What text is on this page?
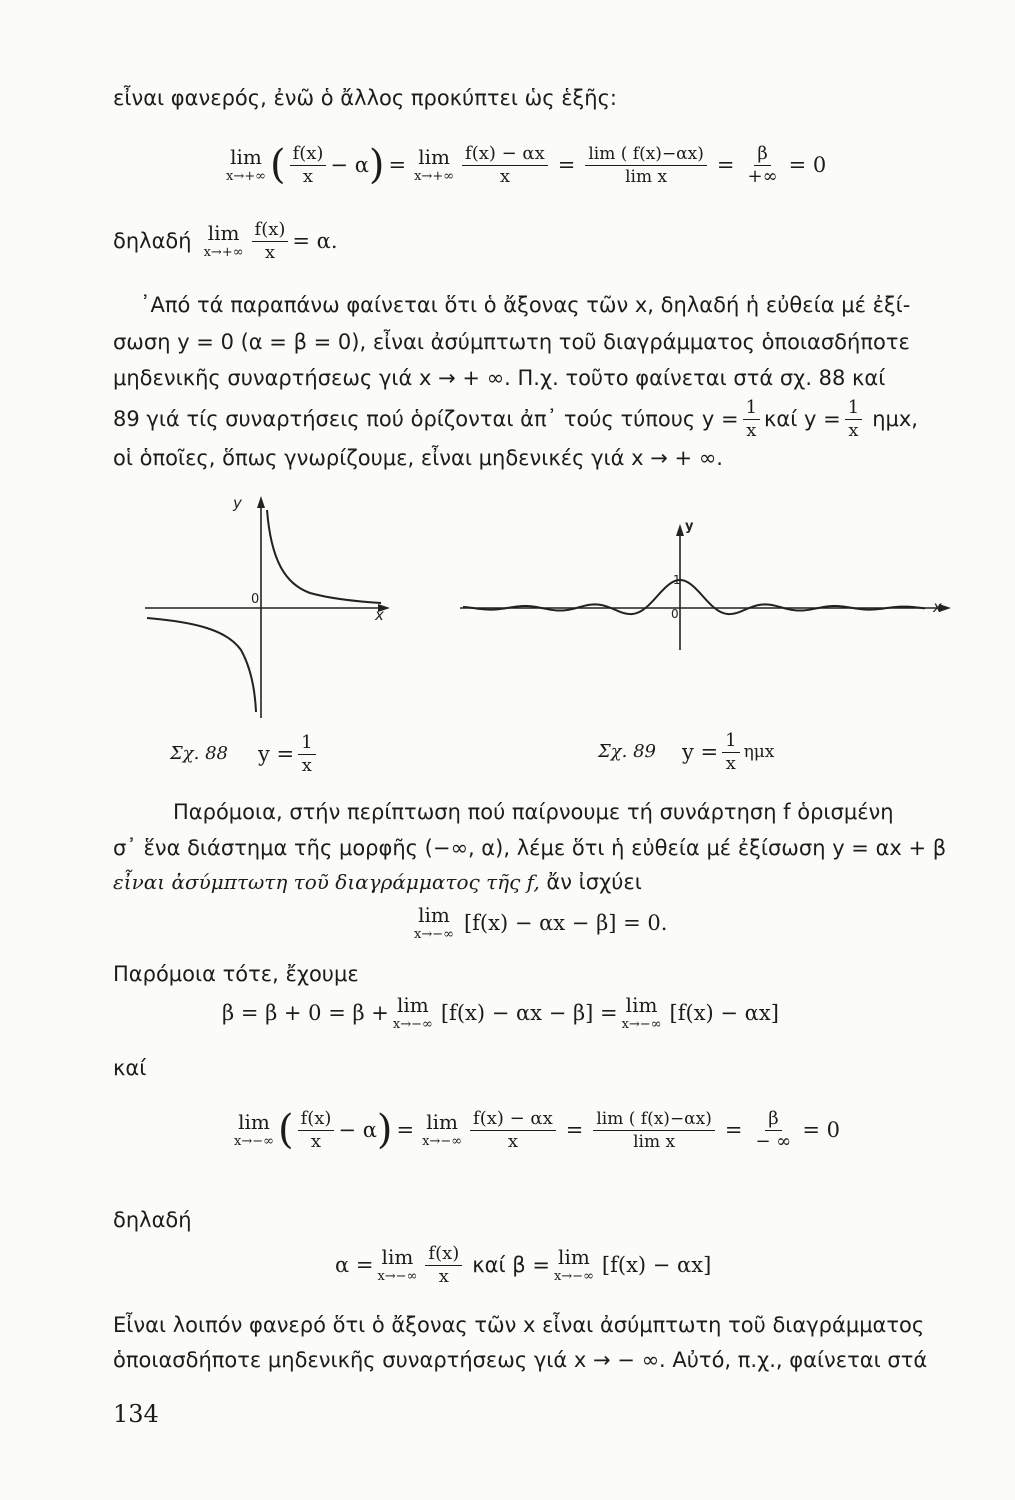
εἶναι φανερός, ἐνῶ ὁ ἄλλος προκύπτει ὡς ἑξῆς:
lim
x→+∞ ( $\frac{f(x)}{x} - \alpha$ ) = lim
$x\to+\infty \frac{f(x) - \alpha x}{x} = \frac{\lim ( f(x)-\alpha x)}{\text{lim x}} = \frac{\beta}{+\infty} = 0$
δηλαδή lim
$x\to+\infty \frac{f(x)}{x} = \alpha$.
᾽Από τά παραπάνω φαίνεται ὅτι ὁ ἄξονας τῶν x, δηλαδή ἡ εὐθεία μέ ἐξί-
σωση y = 0 (α = β = 0), εἶναι ἀσύμπτωτη τοῦ διαγράμματος ὁποιασδήποτε
μηδενικῆς συναρτήσεως γιά x → + ∞. Π.χ. τοῦτο φαίνεται στά σχ. 88 καί
89 γιά τίς συναρτήσεις πού ὁρίζονται ἀπ᾽ τούς τύπους $y = \frac{1}{x}$ καί $y = \frac{1}{x} \eta\mu x$,
οἱ ὁποῖες, ὅπως γνωρίζουμε, εἶναι μηδενικές γιά x → + ∞.
y
x
0
y
x
1
0
Σχ. 88 $y = \frac{1}{x}$	Σχ. 89 $y = \frac{1}{x}$ ημx
Παρόμοια, στήν περίπτωση πού παίρνουμε τή συνάρτηση f ὁρισμένη
σ᾽ ἕνα διάστημα τῆς μορφῆς (−∞, α), λέμε ὅτι ἡ εὐθεία μέ ἐξίσωση y = αx + β
εἶναι ἀσύμπτωτη τοῦ διαγράμματος τῆς f, ἄν ἰσχύει
lim
x→−∞ [f(x) − αx − β] = 0.
Παρόμοια τότε, ἔχουμε
β = β + 0 = β + lim
x→−∞ [f(x) − αx − β] = lim
x→−∞ [f(x) − αx]
καί
lim
x→−∞ ( $\frac{f(x)}{x} - \alpha$ ) = lim
$x\to-\infty \frac{f(x) - \alpha x}{x} = \frac{\lim ( f(x)-\alpha x)}{\text{lim x}} = \frac{\beta}{- \infty} = 0$
δηλαδή
α = lim
$x\to-\infty \frac{f(x)}{x}$ καί β = lim
x→−∞ [f(x) − αx]
Εἶναι λοιπόν φανερό ὅτι ὁ ἄξονας τῶν x εἶναι ἀσύμπτωτη τοῦ διαγράμματος
ὁποιασδήποτε μηδενικῆς συναρτήσεως γιά x → − ∞. Αὐτό, π.χ., φαίνεται στά
134
